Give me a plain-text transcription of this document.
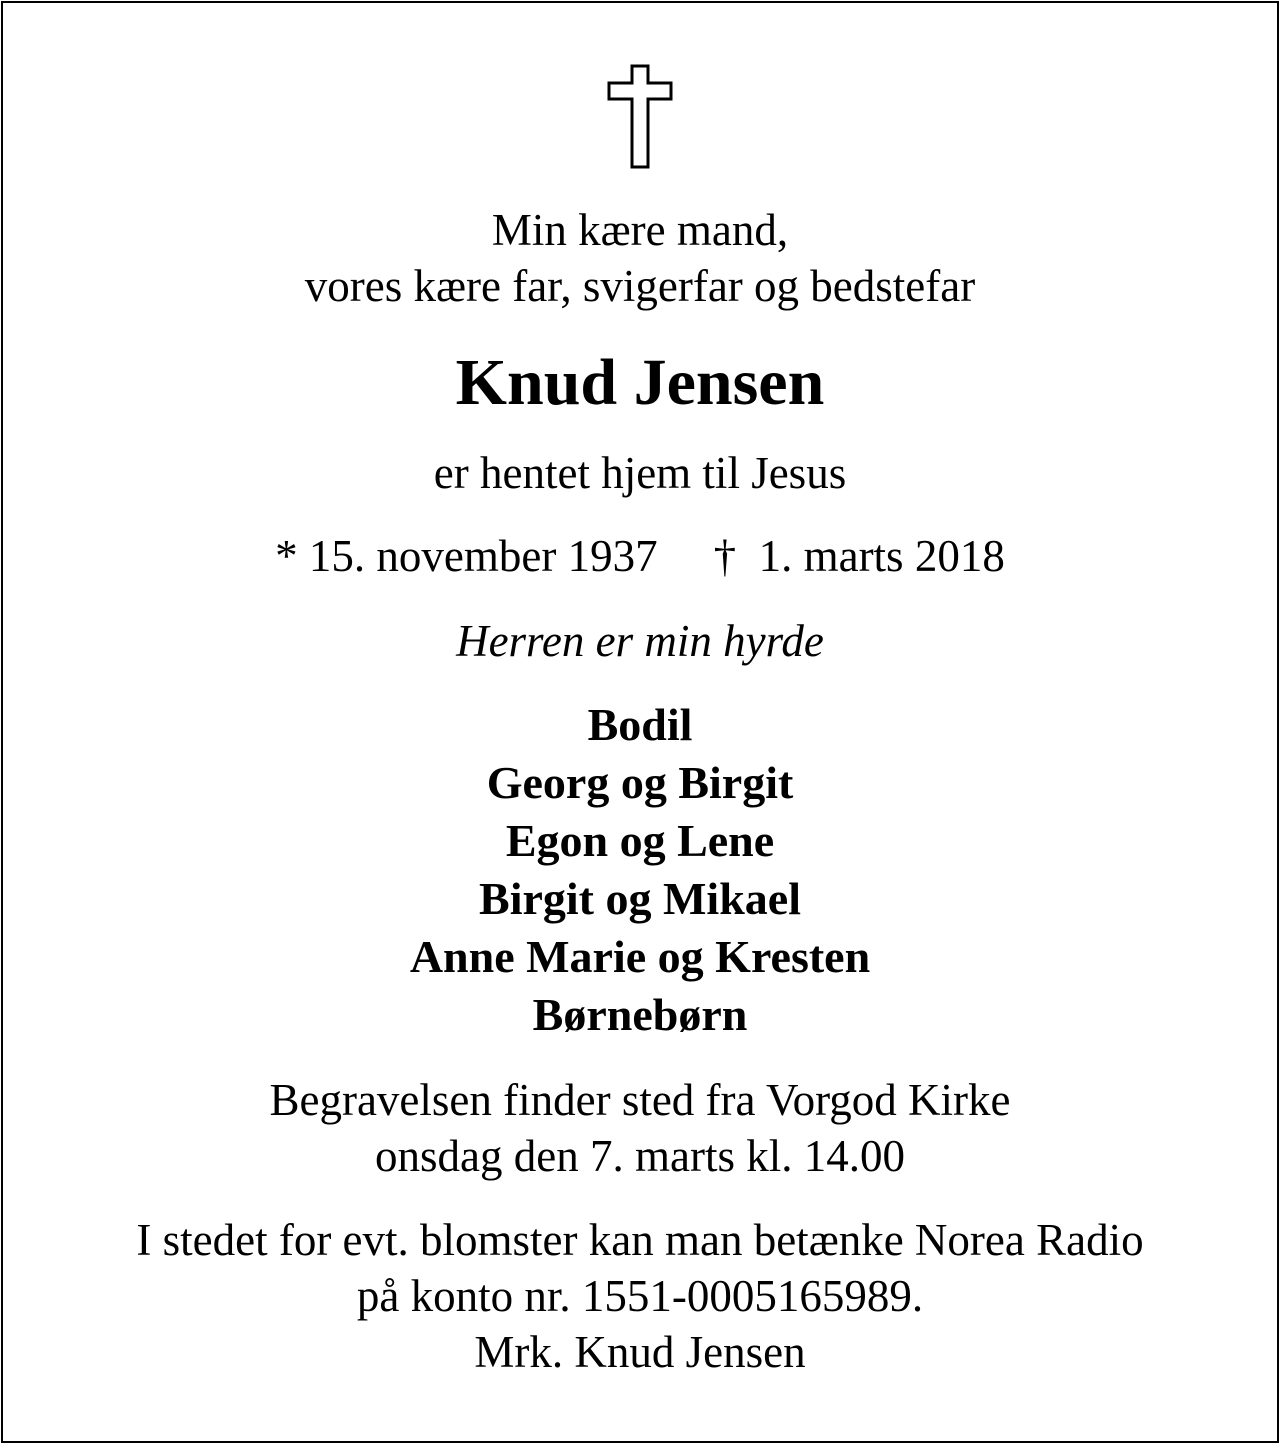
Min kære mand,
vores kære far, svigerfar og bedstefar
Knud Jensen
er hentet hjem til Jesus
* 15. november 1937 † 1. marts 2018
Herren er min hyrde
Bodil
Georg og Birgit
Egon og Lene
Birgit og Mikael
Anne Marie og Kresten
Børnebørn
Begravelsen finder sted fra Vorgod Kirke
onsdag den 7. marts kl. 14.00
I stedet for evt. blomster kan man betænke Norea Radio
på konto nr. 1551-0005165989.
Mrk. Knud Jensen
